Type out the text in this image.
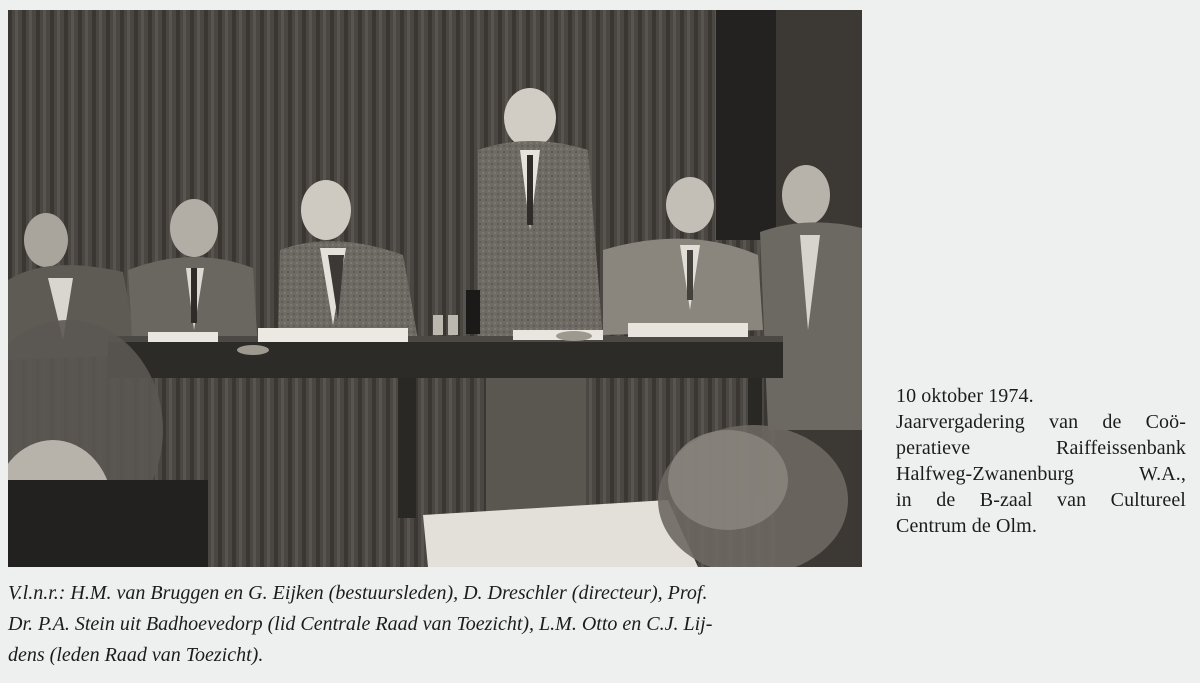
10 oktober 1974.
Jaarvergadering van de Coö-
peratieve	Raiffeissenbank
Halfweg-Zwanenburg	W.A.,
in de B-zaal van Cultureel
Centrum de Olm.
V.l.n.r.: H.M. van Bruggen en G. Eijken (bestuursleden), D. Dreschler (directeur), Prof.
Dr. P.A. Stein uit Badhoevedorp (lid Centrale Raad van Toezicht), L.M. Otto en C.J. Lij-
dens (leden Raad van Toezicht).
